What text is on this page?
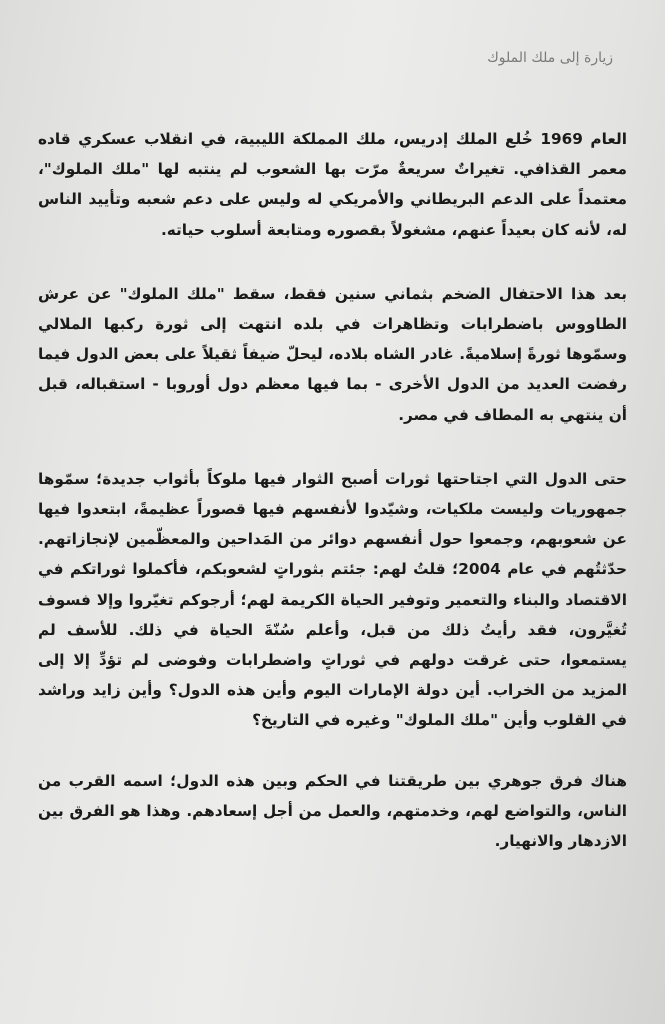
زيارة إلى ملك الملوك

العام 1969 خُلع الملك إدريس، ملك المملكة الليبية، في انقلاب عسكري قاده معمر القذافي. تغيراتٌ سريعةٌ مرّت بها الشعوب لم ينتبه لها "ملك الملوك"، معتمداً على الدعم البريطاني والأمريكي له وليس على دعم شعبه وتأييد الناس له، لأنه كان بعيداً عنهم، مشغولاً بقصوره ومتابعة أسلوب حياته.

بعد هذا الاحتفال الضخم بثماني سنين فقط، سقط "ملك الملوك" عن عرش الطاووس باضطرابات وتظاهرات في بلده انتهت إلى ثورة ركبها الملالي وسمّوها ثورةً إسلاميةً. غادر الشاه بلاده، ليحلّ ضيفاً ثقيلاً على بعض الدول فيما رفضت العديد من الدول الأخرى - بما فيها معظم دول أوروبا - استقباله، قبل أن ينتهي به المطاف في مصر.

حتى الدول التي اجتاحتها ثورات أصبح الثوار فيها ملوكاً بأثواب جديدة؛ سمّوها جمهوريات وليست ملكيات، وشيّدوا لأنفسهم فيها قصوراً عظيمةً، ابتعدوا فيها عن شعوبهم، وجمعوا حول أنفسهم دوائر من المَداحين والمعظّمين لإنجازاتهم. حدّثتُهم في عام 2004؛ قلتُ لهم: جئتم بثوراتٍ لشعوبكم، فأكملوا ثوراتكم في الاقتصاد والبناء والتعمير وتوفير الحياة الكريمة لهم؛ أرجوكم تغيّروا وإلا فسوف تُغيَّرون، فقد رأيتُ ذلك من قبل، وأعلم سُنّةَ الحياة في ذلك. للأسف لم يستمعوا، حتى غرقت دولهم في ثوراتٍ واضطرابات وفوضى لم تؤدِّ إلا إلى المزيد من الخراب. أين دولة الإمارات اليوم وأين هذه الدول؟ وأين زايد وراشد في القلوب وأين "ملك الملوك" وغيره في التاريخ؟

هناك فرق جوهري بين طريقتنا في الحكم وبين هذه الدول؛ اسمه القرب من الناس، والتواضع لهم، وخدمتهم، والعمل من أجل إسعادهم. وهذا هو الفرق بين الازدهار والانهيار.
